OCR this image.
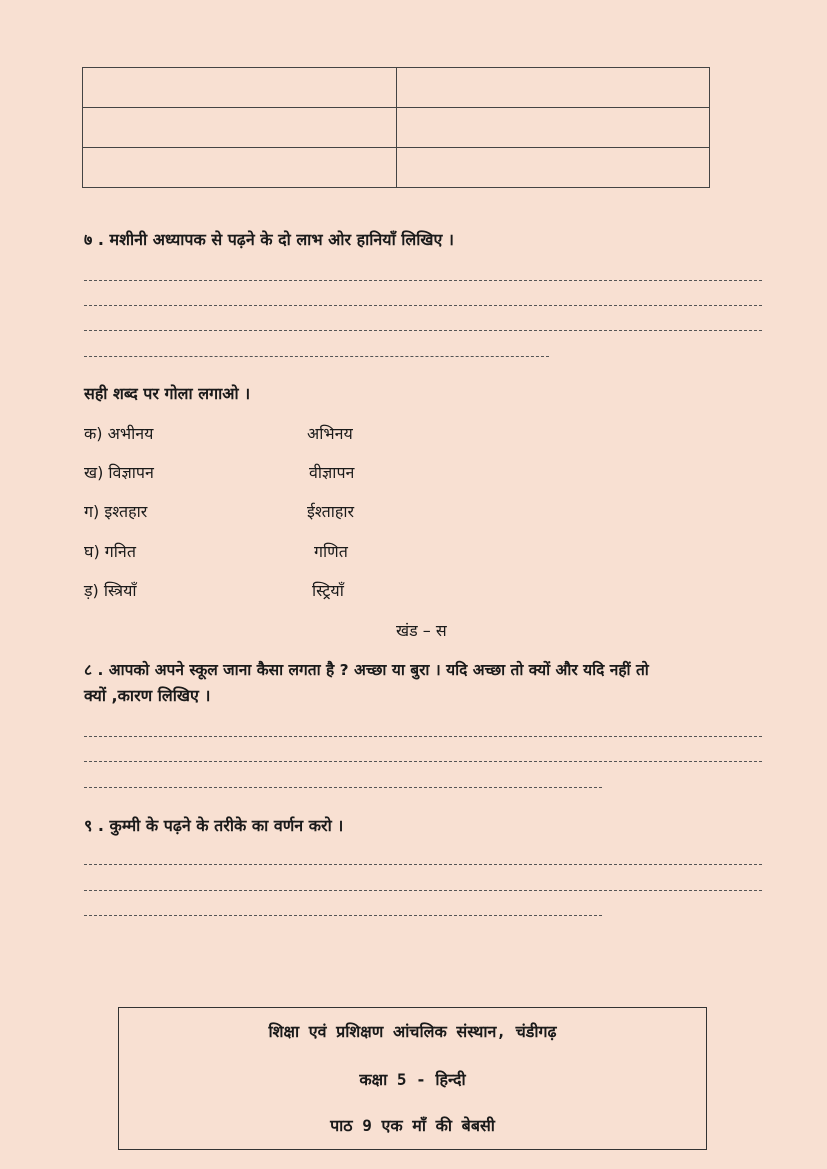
७ . मशीनी अध्यापक से पढ़ने के दो लाभ ओर हानियाँ लिखिए ।
सही शब्द पर गोला लगाओ ।
क) अभीनय	अभिनय
ख) विज्ञापन	वीज्ञापन
ग) इश्तहार	ईश्ताहार
घ) गनित	गणित
ड़) स्त्रियाँ	स्ट्रियाँ
खंड – स
८ . आपको अपने स्कूल जाना कैसा लगता है ? अच्छा या बुरा । यदि अच्छा तो क्यों और यदि नहीं तो
क्यों ,कारण लिखिए ।
९ . कुम्मी के पढ़ने के तरीके का वर्णन करो ।
शिक्षा एवं प्रशिक्षण आंचलिक संस्थान, चंडीगढ़
कक्षा 5 - हिन्दी
पाठ 9 एक माँ की बेबसी
